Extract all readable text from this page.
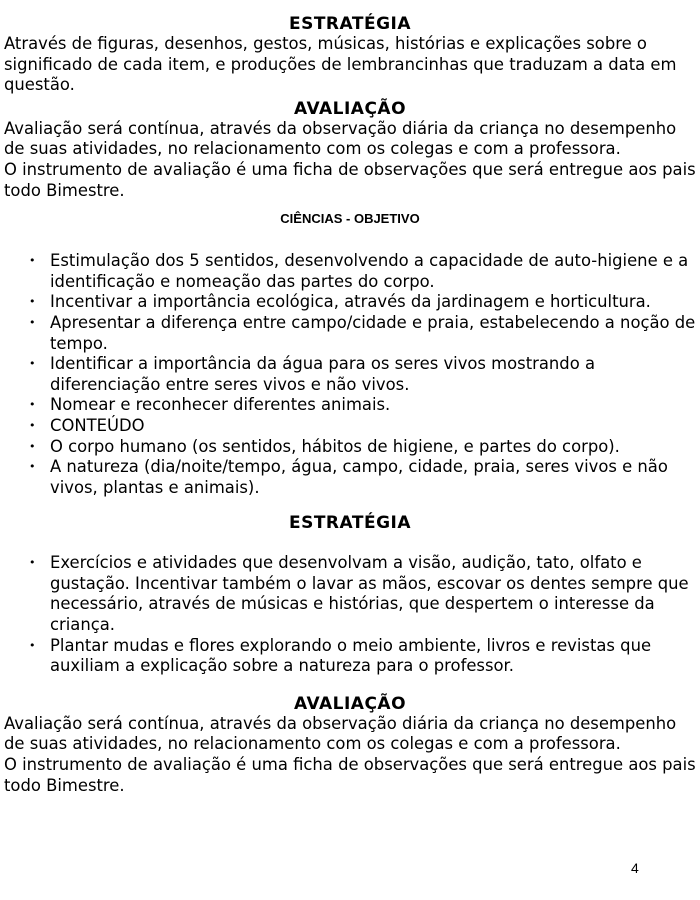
ESTRATÉGIA

Através de figuras, desenhos, gestos, músicas, histórias e explicações sobre o significado de cada item, e produções de lembrancinhas que traduzam a data em questão.

AVALIAÇÃO

Avaliação será contínua, através da observação diária da criança no desempenho de suas atividades, no relacionamento com os colegas e com a professora.

O instrumento de avaliação é uma ficha de observações que será entregue aos pais todo Bimestre.

CIÊNCIAS - OBJETIVO
• Estimulação dos 5 sentidos, desenvolvendo a capacidade de auto-higiene e a identificação e nomeação das partes do corpo.
• Incentivar a importância ecológica, através da jardinagem e horticultura.
• Apresentar a diferença entre campo/cidade e praia, estabelecendo a noção de tempo.
• Identificar a importância da água para os seres vivos mostrando a diferenciação entre seres vivos e não vivos.
• Nomear e reconhecer diferentes animais.
• CONTEÚDO
• O corpo humano (os sentidos, hábitos de higiene, e partes do corpo).
• A natureza (dia/noite/tempo, água, campo, cidade, praia, seres vivos e não vivos, plantas e animais).
ESTRATÉGIA
• Exercícios e atividades que desenvolvam a visão, audição, tato, olfato e gustação. Incentivar também o lavar as mãos, escovar os dentes sempre que necessário, através de músicas e histórias, que despertem o interesse da criança.
• Plantar mudas e flores explorando o meio ambiente, livros e revistas que auxiliam a explicação sobre a natureza para o professor.
AVALIAÇÃO

Avaliação será contínua, através da observação diária da criança no desempenho de suas atividades, no relacionamento com os colegas e com a professora.

O instrumento de avaliação é uma ficha de observações que será entregue aos pais todo Bimestre.

4
